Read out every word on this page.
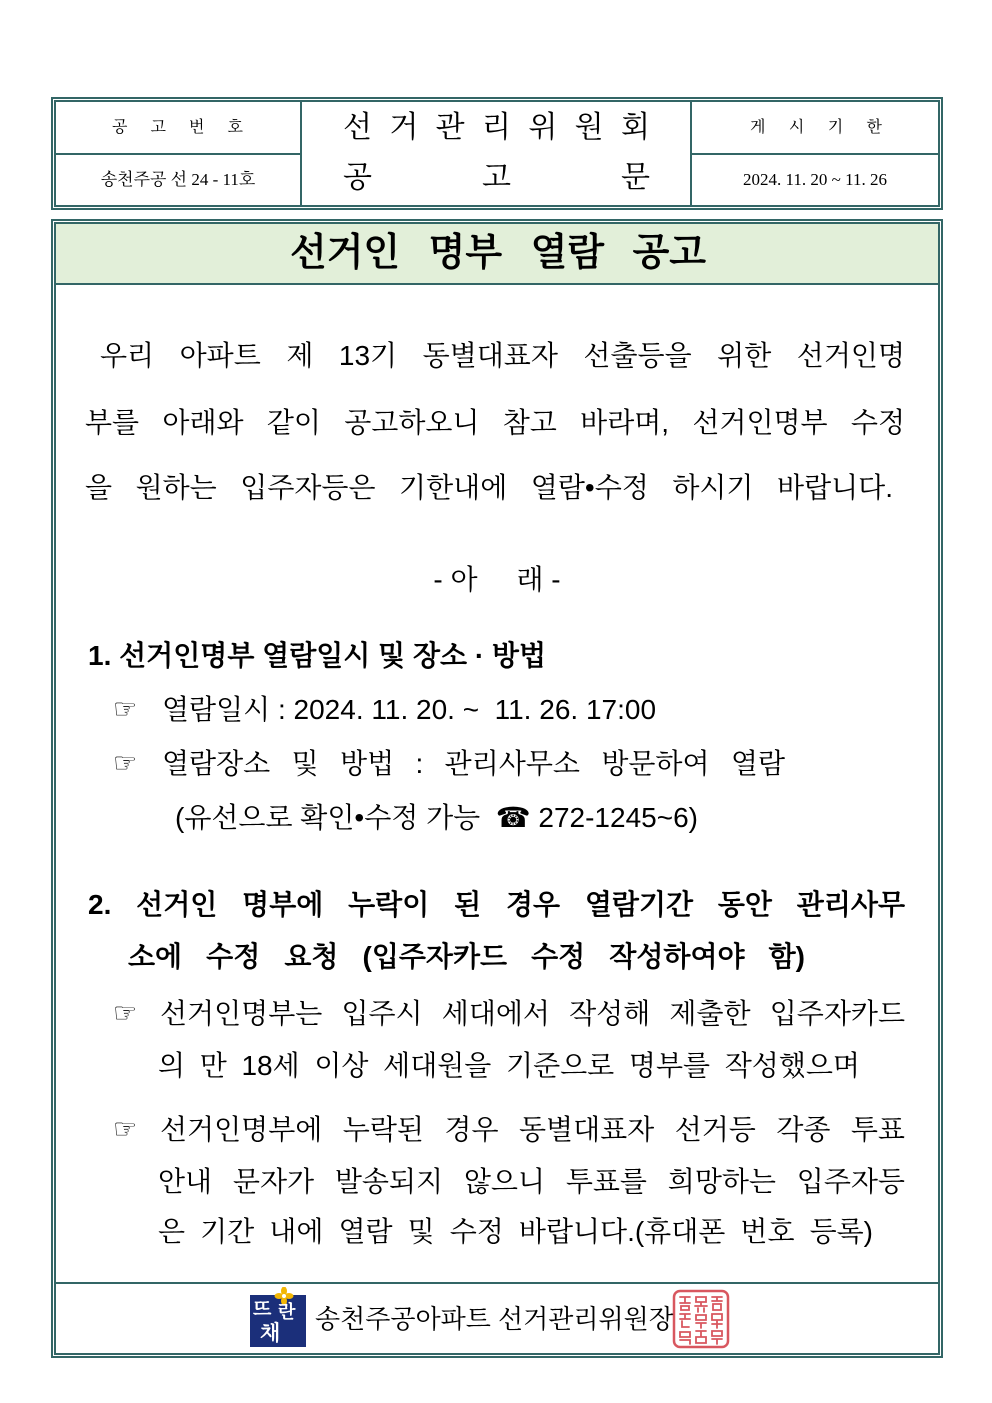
공 고 번 호
송천주공 선 24 - 11호
선 거 관 리 위 원 회
공 고 문
게 시 기 한
2024. 11. 20 ~ 11. 26
선거인 명부 열람 공고
우리 아파트 제 13기 동별대표자 선출등을 위한 선거인명
부를 아래와 같이 공고하오니 참고 바라며, 선거인명부 수정
을 원하는 입주자등은 기한내에 열람•수정 하시기 바랍니다.
- 아     래 -
1. 선거인명부 열람일시 및 장소 · 방법
☞ 열람일시 : 2024. 11. 20. ~  11. 26. 17:00
☞ 열람장소 및 방법 : 관리사무소 방문하여 열람
(유선으로 확인•수정 가능  ☎ 272-1245~6)
2. 선거인 명부에 누락이 된 경우 열람기간 동안 관리사무
소에 수정 요청 (입주자카드 수정 작성하여야 함)
☞ 선거인명부는 입주시 세대에서 작성해 제출한 입주자카드
의 만 18세 이상 세대원을 기준으로 명부를 작성했으며
☞ 선거인명부에 누락된 경우 동별대표자 선거등 각종 투표
안내 문자가 발송되지 않으니 투표를 희망하는 입주자등
은 기간 내에 열람 및 수정 바랍니다.(휴대폰 번호 등록)
뜨 란
채 송천주공아파트 선거관리위원장
